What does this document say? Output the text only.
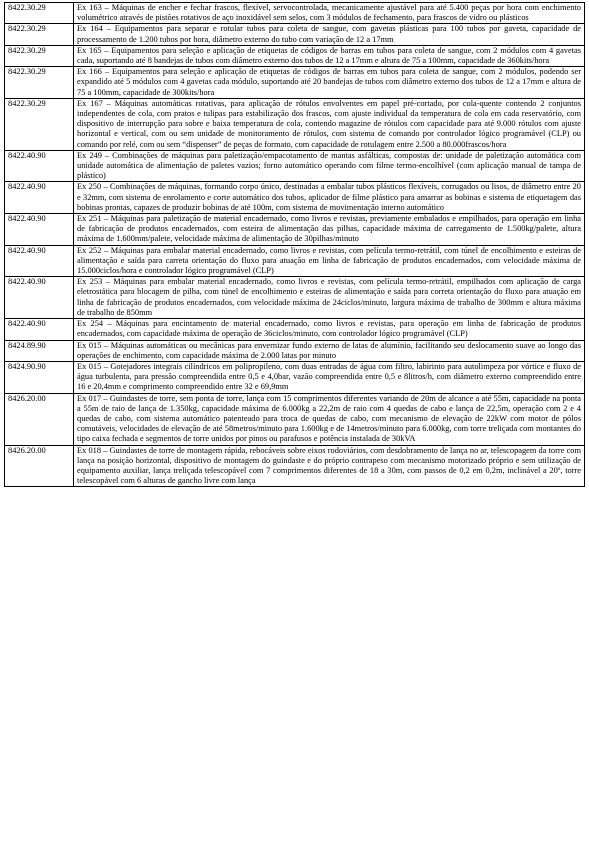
8422.30.29	Ex 163 – Máquinas de encher e fechar frascos, flexível, servocontrolada, mecanicamente ajustável para até 5.400 peças por hora com enchimento volumétrico através de pistões rotativos de aço inoxidável sem selos, com 3 módulos de fechamento, para frascos de vidro ou plásticos
8422.30.29	Ex 164 – Equipamentos para separar e rotular tubos para coleta de sangue, com gavetas plásticas para 100 tubos por gaveta, capacidade de processamento de 1.200 tubos por hora, diâmetro externo do tubo com variação de 12 a 17mm
8422.30.29	Ex 165 – Equipamentos para seleção e aplicação de etiquetas de códigos de barras em tubos para coleta de sangue, com 2 módulos com 4 gavetas cada, suportando até 8 bandejas de tubos com diâmetro externo dos tubos de 12 a 17mm e altura de 75 a 100mm, capacidade de 360kits/hora
8422.30.29	Ex 166 – Equipamentos para seleção e aplicação de etiquetas de códigos de barras em tubos para coleta de sangue, com 2 módulos, podendo ser expandido até 5 módulos com 4 gavetas cada módulo, suportando até 20 bandejas de tubos com diâmetro externo dos tubos de 12 a 17mm e altura de 75 a 100mm, capacidade de 300kits/hora
8422.30.29	Ex 167 – Máquinas automáticas rotativas, para aplicação de rótulos envolventes em papel pré-cortado, por cola-quente contendo 2 conjuntos independentes de cola, com pratos e tulipas para estabilização dos frascos, com ajuste individual da temperatura de cola em cada reservatório, com dispositivo de interrupção para sobre e baixa temperatura de cola, contendo magazine de rótulos com capacidade para até 9.000 rótulos com ajuste horizontal e vertical, com ou sem unidade de monitoramento de rótulos, com sistema de comando por controlador lógico programável (CLP) ou comando por relé, com ou sem “dispenser” de peças de formato, com capacidade de rotulagem entre 2.500 a 80.000frascos/hora
8422.40.90	Ex 249 – Combinações de máquinas para paletização/empacotamento de mantas asfálticas, compostas de: unidade de paletização automática com unidade automática de alimentação de paletes vazios; forno automático operando com filme termo-encolhível (com aplicação manual de tampa de plástico)
8422.40.90	Ex 250 – Combinações de máquinas, formando corpo único, destinadas a embalar tubos plásticos flexíveis, corrugados ou lisos, de diâmetro entre 20 e 32mm, com sistema de enrolamento e corte automático dos tubos, aplicador de filme plástico para amarrar as bobinas e sistema de etiquetagem das bobinas prontas, capazes de produzir bobinas de até 100m, com sistema de movimentação interno automático
8422.40.90	Ex 251 – Máquinas para paletização de material encadernado, como livros e revistas, previamente embalados e empilhados, para operação em linha de fabricação de produtos encadernados, com esteira de alimentação das pilhas, capacidade máxima de carregamento de 1.500kg/palete, altura máxima de 1.600mm/palete, velocidade máxima de alimentação de 30pilhas/minuto
8422.40.90	Ex 252 – Máquinas para embalar material encadernado, como livros e revistas, com película termo-retrátil, com túnel de encolhimento e esteiras de alimentação e saída para carreta orientação do fluxo para atuação em linha de fabricação de produtos encadernados, com velocidade máxima de 15.000ciclos/hora e controlador lógico programável (CLP)
8422.40.90	Ex 253 – Máquinas para embalar material encadernado, como livros e revistas, com película termo-retrátil, empilhados com aplicação de carga eletrostática para blocagem de pilha, com túnel de encolhimento e esteiras de alimentação e saída para correta orientação do fluxo para atuação em linha de fabricação de produtos encadernados, com velocidade máxima de 24ciclos/minuto, largura máxima de trabalho de 300mm e altura máxima de trabalho de 850mm
8422.40.90	Ex 254 – Máquinas para encintamento de material encadernado, como livros e revistas, para operação em linha de fabricação de produtos encadernados, com capacidade máxima de operação de 36ciclos/minuto, com controlador lógico programável (CLP)
8424.89.90	Ex 015 – Máquinas automáticas ou mecânicas para envernizar fundo externo de latas de alumínio, facilitando seu deslocamento suave ao longo das operações de enchimento, com capacidade máxima de 2.000 latas por minuto
8424.90.90	Ex 015 – Gotejadores integrais cilíndricos em polipropileno, com duas entradas de água com filtro, labirinto para autolimpeza por vórtice e fluxo de água turbulenta, para pressão compreendida entre 0,5 e 4,0bar, vazão compreendida entre 0,5 e 8litros/h, com diâmetro externo compreendido entre 16 e 20,4mm e comprimento compreendido entre 32 e 69,9mm
8426.20.00	Ex 017 – Guindastes de torre, sem ponta de torre, lança com 15 comprimentos diferentes variando de 20m de alcance a até 55m, capacidade na ponta a 55m de raio de lança de 1.350kg, capacidade máxima de 6.000kg a 22,2m de raio com 4 quedas de cabo e lança de 22,5m, operação com 2 e 4 quedas de cabo, com sistema automático patenteado para troca de quedas de cabo, com mecanismo de elevação de 22kW com motor de pólos comutáveis, velocidades de elevação de até 58metros/minuto para 1.600kg e de 14metros/minuto para 6.000kg, com torre treliçada com montantes do tipo caixa fechada e segmentos de torre unidos por pinos ou parafusos e potência instalada de 30kVA
8426.20.00	Ex 018 – Guindastes de torre de montagem rápida, rebocáveis sobre eixos rodoviários, com desdobramento de lança no ar, telescopagem da torre com lança na posição horizontal, dispositivo de montagem do guindaste e do próprio contrapeso com mecanismo motorizado próprio e sem utilização de equipamento auxiliar, lança treliçada telescopável com 7 comprimentos diferentes de 18 a 30m, com passos de 0,2 em 0,2m, inclinável a 20º, torre telescopável com 6 alturas de gancho livre com lança
